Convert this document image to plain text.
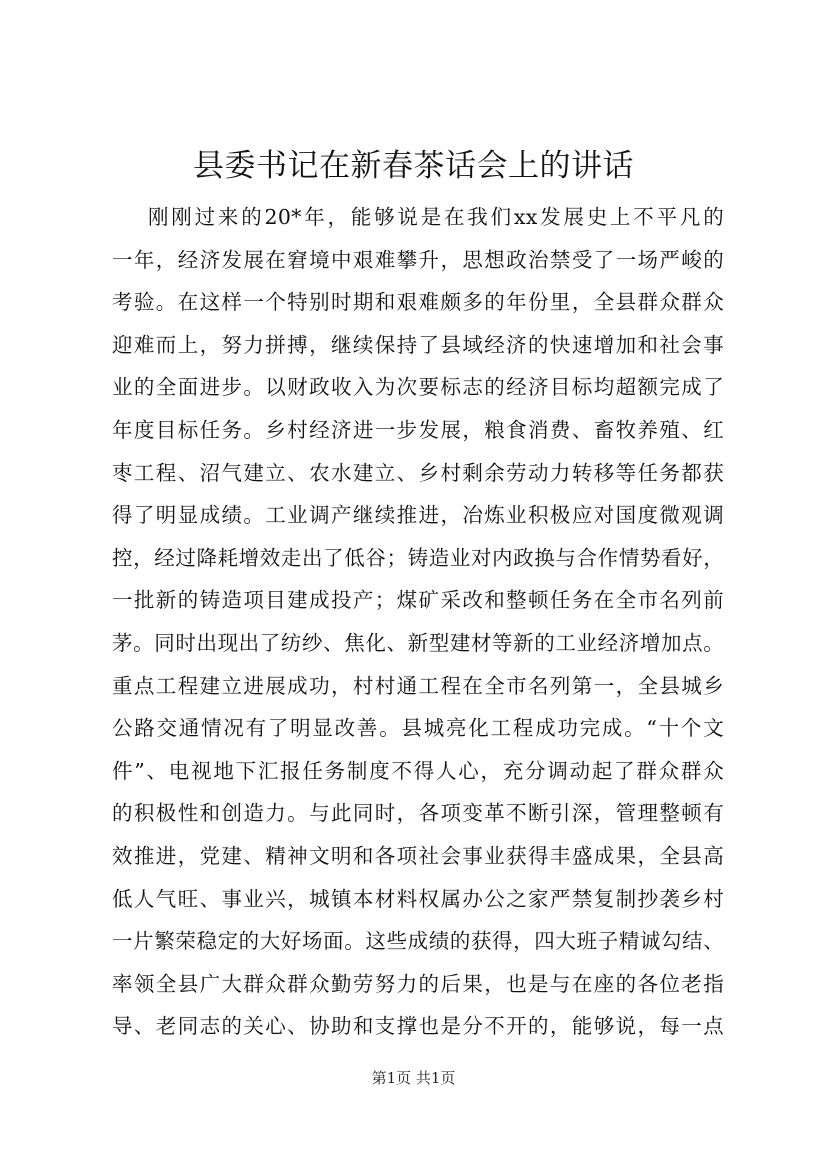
县委书记在新春茶话会上的讲话
刚刚过来的20*年，能够说是在我们xx发展史上不平凡的
一年，经济发展在窘境中艰难攀升，思想政治禁受了一场严峻的
考验。在这样一个特别时期和艰难颇多的年份里，全县群众群众
迎难而上，努力拼搏，继续保持了县域经济的快速增加和社会事
业的全面进步。以财政收入为次要标志的经济目标均超额完成了
年度目标任务。乡村经济进一步发展，粮食消费、畜牧养殖、红
枣工程、沼气建立、农水建立、乡村剩余劳动力转移等任务都获
得了明显成绩。工业调产继续推进，冶炼业积极应对国度微观调
控，经过降耗增效走出了低谷；铸造业对内政换与合作情势看好，
一批新的铸造项目建成投产；煤矿采改和整顿任务在全市名列前
茅。同时出现出了纺纱、焦化、新型建材等新的工业经济增加点。
重点工程建立进展成功，村村通工程在全市名列第一，全县城乡
公路交通情况有了明显改善。县城亮化工程成功完成。“十个文
件”、电视地下汇报任务制度不得人心，充分调动起了群众群众
的积极性和创造力。与此同时，各项变革不断引深，管理整顿有
效推进，党建、精神文明和各项社会事业获得丰盛成果，全县高
低人气旺、事业兴，城镇本材料权属办公之家严禁复制抄袭乡村
一片繁荣稳定的大好场面。这些成绩的获得，四大班子精诚勾结、
率领全县广大群众群众勤劳努力的后果，也是与在座的各位老指
导、老同志的关心、协助和支撑也是分不开的，能够说，每一点
第1页 共1页
